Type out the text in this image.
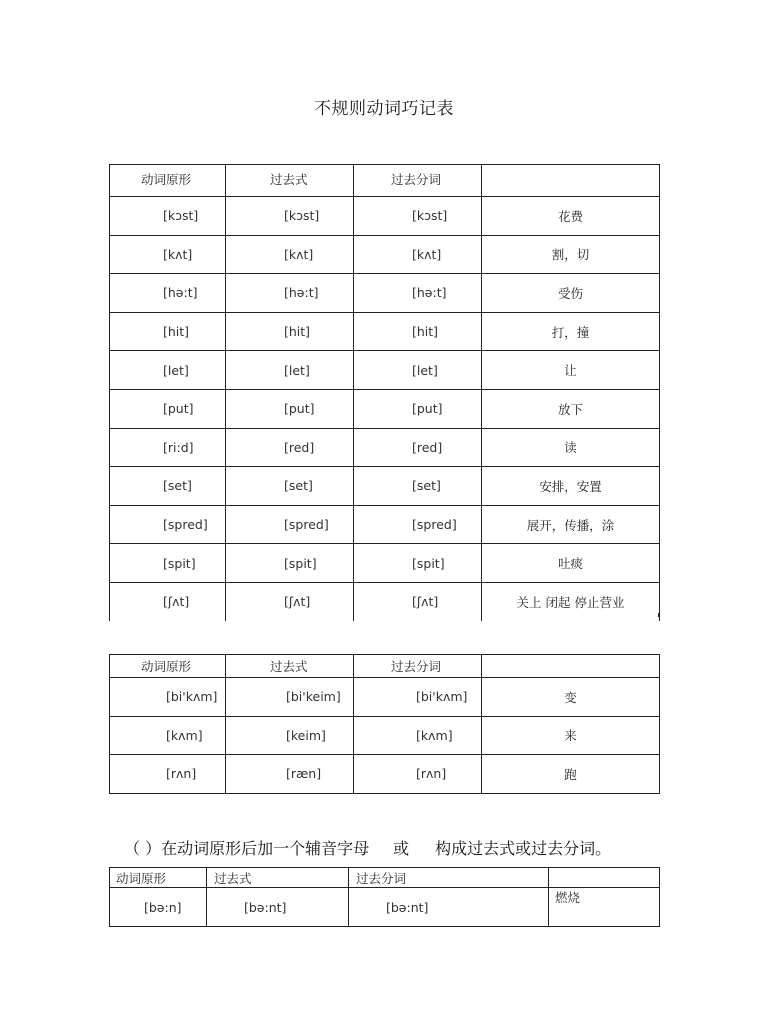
不规则动词巧记表
动词原形	过去式	过去分词	
[kɔst]	[kɔst]	[kɔst]	花费
[kʌt]	[kʌt]	[kʌt]	割，切
[hə:t]	[hə:t]	[hə:t]	受伤
[hit]	[hit]	[hit]	打，撞
[let]	[let]	[let]	让
[put]	[put]	[put]	放下
[ri:d]	[red]	[red]	读
[set]	[set]	[set]	安排，安置
[spred]	[spred]	[spred]	展开，传播，涂
[spit]	[spit]	[spit]	吐痰
[ʃʌt]	[ʃʌt]	[ʃʌt]	关上 闭起 停止营业
动词原形	过去式	过去分词	
[bi'kʌm]	[bi'keim]	[bi'kʌm]	变
[kʌm]	[keim]	[kʌm]	来
[rʌn]	[ræn]	[rʌn]	跑
（ ）在动词原形后加一个辅音字母 或 构成过去式或过去分词。
动词原形	过去式	过去分词	
[bə:n]	[bə:nt]	[bə:nt]	燃烧
